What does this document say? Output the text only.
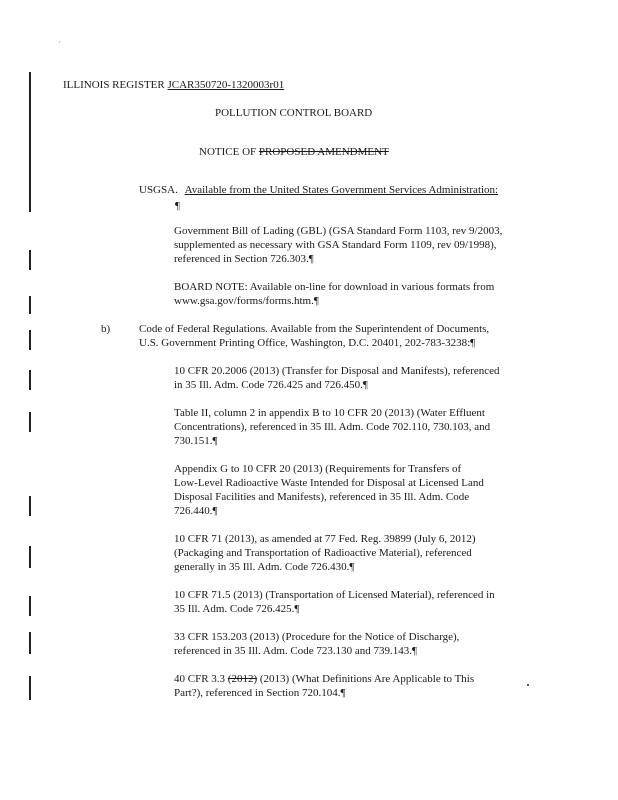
·
ILLINOIS REGISTER JCAR350720-1320003r01
POLLUTION CONTROL BOARD
NOTICE OF PROPOSED AMENDMENT
USGSA. Available from the United States Government Services Administration:
¶

Government Bill of Lading (GBL) (GSA Standard Form 1103, rev 9/2003,

supplemented as necessary with GSA Standard Form 1109, rev 09/1998),

referenced in Section 726.303.¶

BOARD NOTE: Available on-line for download in various formats from

www.gsa.gov/forms/forms.htm.¶

b)	Code of Federal Regulations. Available from the Superintendent of Documents,

U.S. Government Printing Office, Washington, D.C. 20401, 202-783-3238:¶

10 CFR 20.2006 (2013) (Transfer for Disposal and Manifests), referenced

in 35 Ill. Adm. Code 726.425 and 726.450.¶

Table II, column 2 in appendix B to 10 CFR 20 (2013) (Water Effluent

Concentrations), referenced in 35 Ill. Adm. Code 702.110, 730.103, and

730.151.¶

Appendix G to 10 CFR 20 (2013) (Requirements for Transfers of

Low-Level Radioactive Waste Intended for Disposal at Licensed Land

Disposal Facilities and Manifests), referenced in 35 Ill. Adm. Code

726.440.¶

10 CFR 71 (2013), as amended at 77 Fed. Reg. 39899 (July 6, 2012)

(Packaging and Transportation of Radioactive Material), referenced

generally in 35 Ill. Adm. Code 726.430.¶

10 CFR 71.5 (2013) (Transportation of Licensed Material), referenced in

35 Ill. Adm. Code 726.425.¶

33 CFR 153.203 (2013) (Procedure for the Notice of Discharge),

referenced in 35 Ill. Adm. Code 723.130 and 739.143.¶

40 CFR 3.3 (2012) (2013) (What Definitions Are Applicable to This

Part?), referenced in Section 720.104.¶
